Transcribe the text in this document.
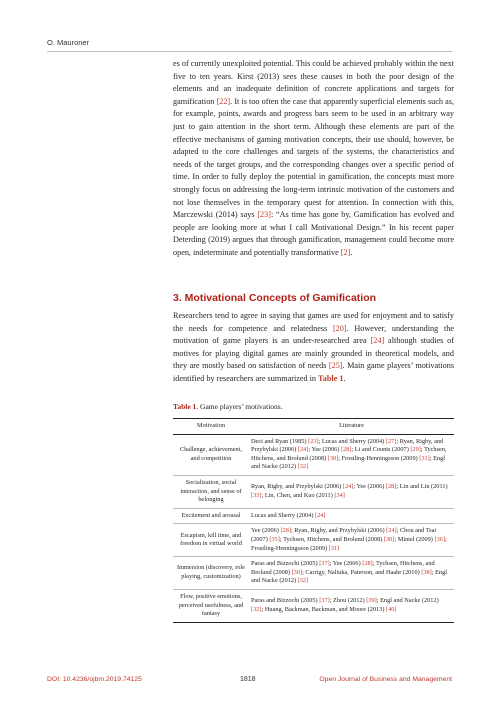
O. Mauroner

es of currently unexploited potential. This could be achieved probably within the next five to ten years. Kirst (2013) sees these causes in both the poor design of the elements and an inadequate definition of concrete applications and targets for gamification [22]. It is too often the case that apparently superficial elements such as, for example, points, awards and progress bars seem to be used in an arbitrary way just to gain attention in the short term. Although these elements are part of the effective mechanisms of gaming motivation concepts, their use should, however, be adapted to the core challenges and targets of the systems, the characteristics and needs of the target groups, and the corresponding changes over a specific period of time. In order to fully deploy the potential in gamification, the concepts must more strongly focus on addressing the long-term intrinsic motivation of the customers and not lose themselves in the temporary quest for attention. In connection with this, Marczewski (2014) says [23]: “As time has gone by, Gamification has evolved and people are looking more at what I call Motivational Design.” In his recent paper Deterding (2019) argues that through gamification, management could become more open, indeterminate and potentially transformative [2].

3. Motivational Concepts of Gamification

Researchers tend to agree in saying that games are used for enjoyment and to satisfy the needs for competence and relatedness [20]. However, understanding the motivation of game players is an under-researched area [24] although studies of motives for playing digital games are mainly grounded in theoretical models, and they are mostly based on satisfaction of needs [25]. Main game players’ motivations identified by researchers are summarized in Table 1.

Table 1. Game players’ motivations.
Motivation	Literature
Challenge, achievement, and competition	Deci and Ryan (1985) [23]; Lucas and Sherry (2004) [27]; Ryan, Rigby, and Przybylski (2006) [24]; Yee (2006) [28]; Li and Counts (2007) [29]; Tychsen, Hitchens, and Brolund (2008) [30]; Frostling-Henningsson (2009) [31]; Engl and Nacke (2012) [32]
Socialization, social interaction, and sense of belonging	Ryan, Rigby, and Przybylski (2006) [24]; Yee (2006) [28]; Lin and Lin (2011) [33]; Lin, Chen, and Kuo (2011) [34]
Excitement and arousal	Lucas and Sherry (2004) [24]
Escapism, kill time, and freedom in virtual world	Yee (2006) [28]; Ryan, Rigby, and Przybylski (2006) [24]; Chou and Tsai (2007) [35]; Tychsen, Hitchens, and Brolund (2008) [30]; Mintel (2009) [36]; Frostling-Henningsson (2009) [31]
Immersion (discovery, role playing, customization)	Paras and Bizzochi (2005) [37]; Yee (2006) [28]; Tychsen, Hitchens, and Brolund (2008) [30]; Carrigy, Naliuka, Paterson, and Haahr (2010) [38]; Engl and Nacke (2012) [32]
Flow, positive emotions, perceived usefulness, and fantasy	Paras and Bizzochi (2005) [37]; Zhou (2012) [39]; Engl and Nacke (2012) [32]; Huang, Backman, Backman, and Moore (2013) [40]
DOI: 10.4236/ojbm.2019.74125	1818	Open Journal of Business and Management
